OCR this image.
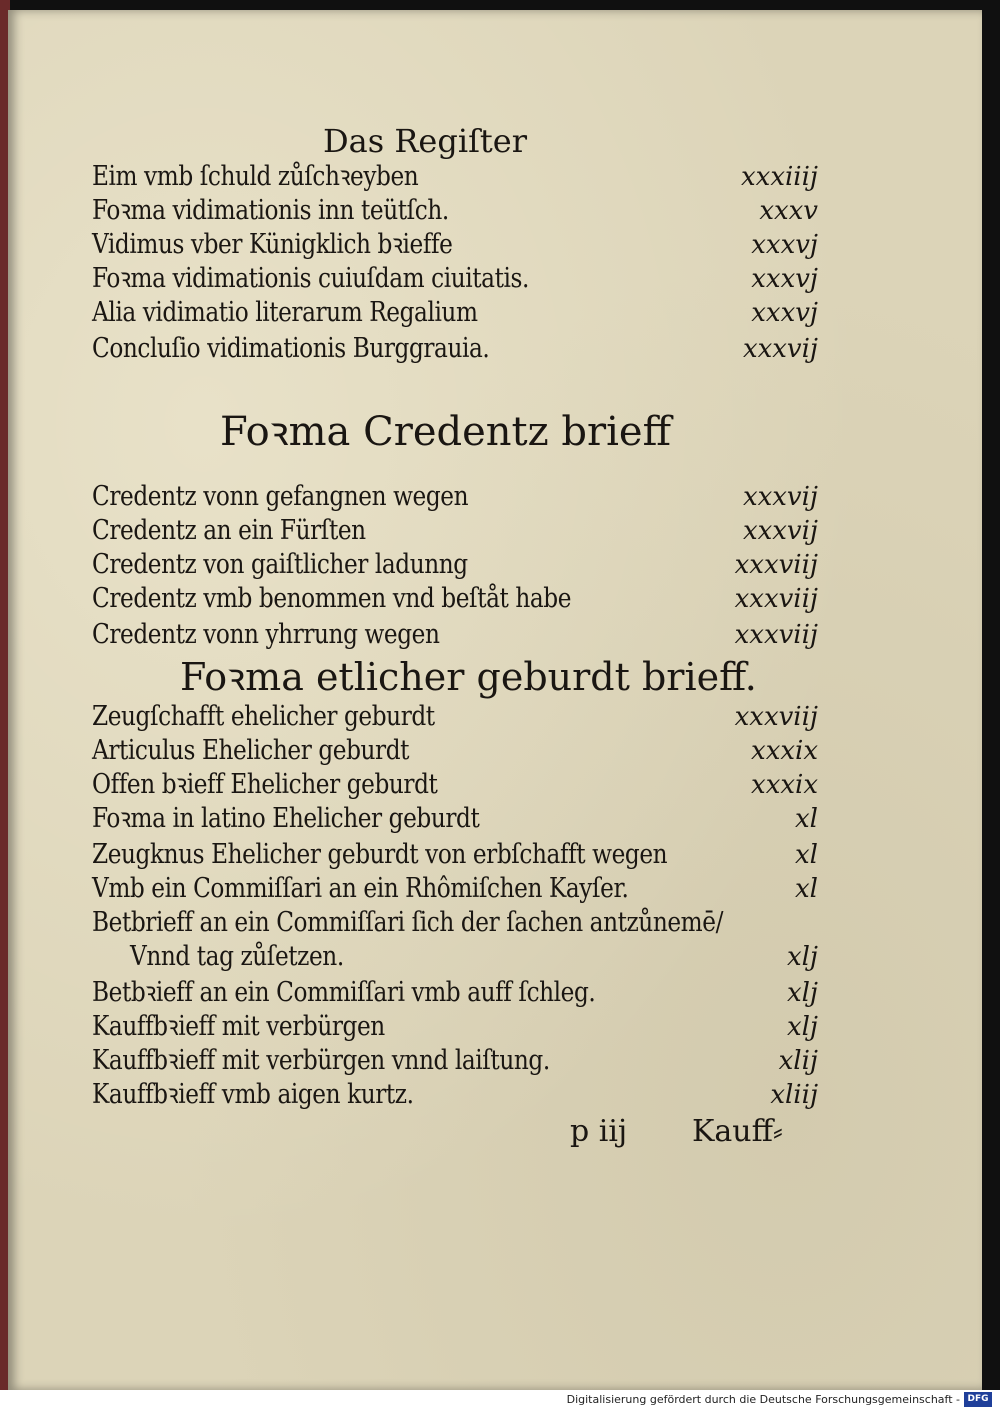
Das Regiſter
Eim vmb ſchuld zůſchꝛeyben	xxxiiij
Foꝛma vidimationis inn teütſch.	xxxv
Vidimus vber Künigklich bꝛieffe	xxxvj
Foꝛma vidimationis cuiuſdam ciuitatis.	xxxvj
Alia vidimatio literarum Regalium	xxxvj
Concluſio vidimationis Burggrauia.	xxxvij
Foꝛma Credentz brieff
Credentz vonn gefangnen wegen	xxxvij
Credentz an ein Fürſten	xxxvij
Credentz von gaiſtlicher ladunng	xxxviij
Credentz vmb benommen vnd beſtåt habe	xxxviij
Credentz vonn yhrrung wegen	xxxviij
Foꝛma etlicher geburdt brieff.
Zeugſchafft ehelicher geburdt	xxxviij
Articulus Ehelicher geburdt	xxxix
Offen bꝛieff Ehelicher geburdt	xxxix
Foꝛma in latino Ehelicher geburdt	xl
Zeugknus Ehelicher geburdt von erbſchafft wegen	xl
Vmb ein Commiſſari an ein Rhômiſchen Kayſer.	xl
Betbrieff an ein Commiſſari ſich der ſachen antzůnemē/
Vnnd tag zůſetzen.	xlj
Betbꝛieff an ein Commiſſari vmb auff ſchleg.	xlj
Kauffbꝛieff mit verbürgen	xlj
Kauffbꝛieff mit verbürgen vnnd laiſtung.	xlij
Kauffbꝛieff vmb aigen kurtz.	xliij
p iij Kauff⸗
Digitalisierung gefördert durch die Deutsche Forschungsgemeinschaft - DFG
